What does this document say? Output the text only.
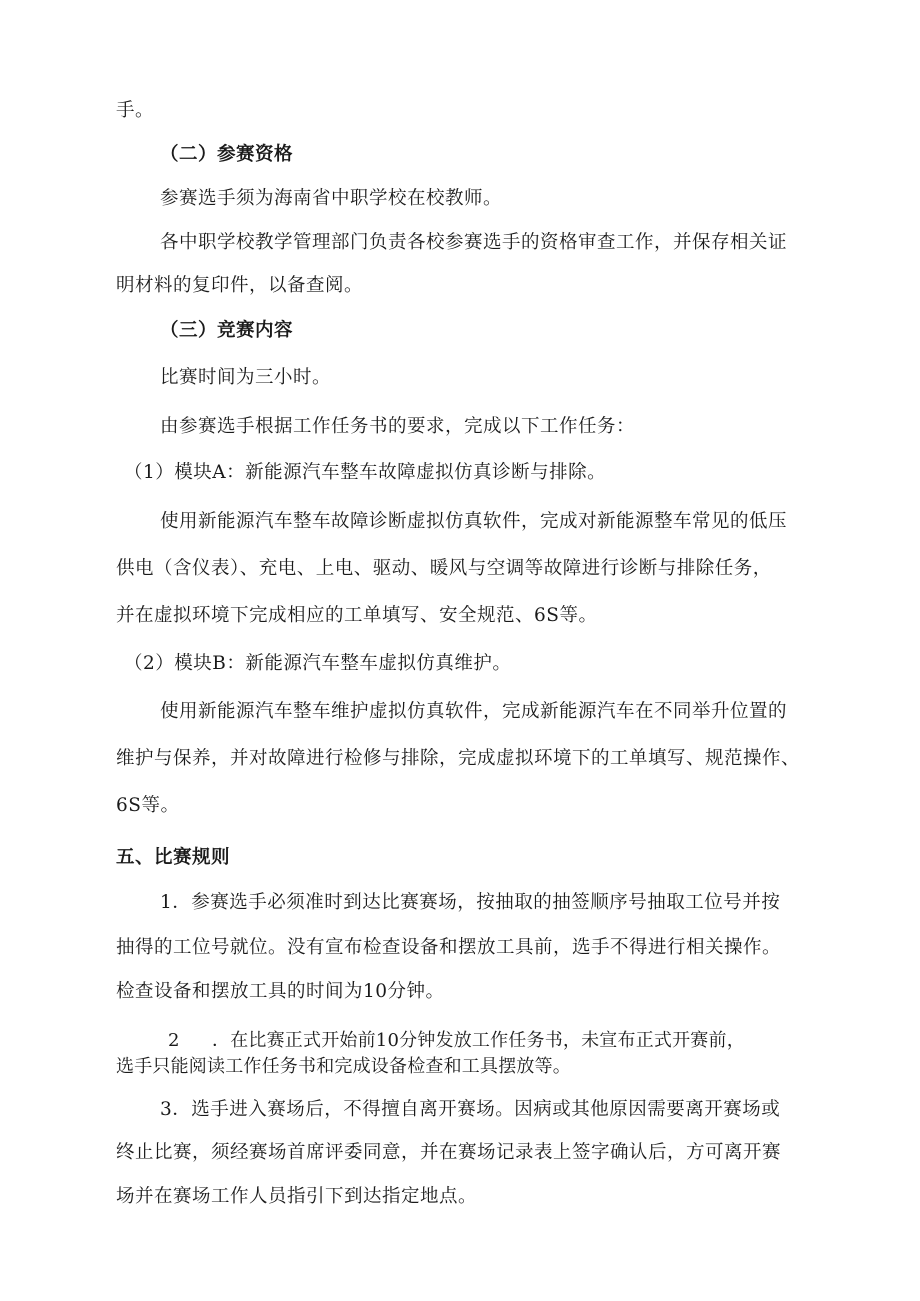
手。
（二）参赛资格
参赛选手须为海南省中职学校在校教师。
各中职学校教学管理部门负责各校参赛选手的资格审查工作，并保存相关证
明材料的复印件，以备查阅。
（三）竞赛内容
比赛时间为三小时。
由参赛选手根据工作任务书的要求，完成以下工作任务：
（1）模块A：新能源汽车整车故障虚拟仿真诊断与排除。
使用新能源汽车整车故障诊断虚拟仿真软件，完成对新能源整车常见的低压
供电（含仪表）、充电、上电、驱动、暖风与空调等故障进行诊断与排除任务，
并在虚拟环境下完成相应的工单填写、安全规范、6S等。
（2）模块B：新能源汽车整车虚拟仿真维护。
使用新能源汽车整车维护虚拟仿真软件，完成新能源汽车在不同举升位置的
维护与保养，并对故障进行检修与排除，完成虚拟环境下的工单填写、规范操作、
6S等。
五、比赛规则
1．参赛选手必须准时到达比赛赛场，按抽取的抽签顺序号抽取工位号并按
抽得的工位号就位。没有宣布检查设备和摆放工具前，选手不得进行相关操作。
检查设备和摆放工具的时间为10分钟。
2 ．在比赛正式开始前10分钟发放工作任务书，未宣布正式开赛前，
选手只能阅读工作任务书和完成设备检查和工具摆放等。
3．选手进入赛场后，不得擅自离开赛场。因病或其他原因需要离开赛场或
终止比赛，须经赛场首席评委同意，并在赛场记录表上签字确认后，方可离开赛
场并在赛场工作人员指引下到达指定地点。
